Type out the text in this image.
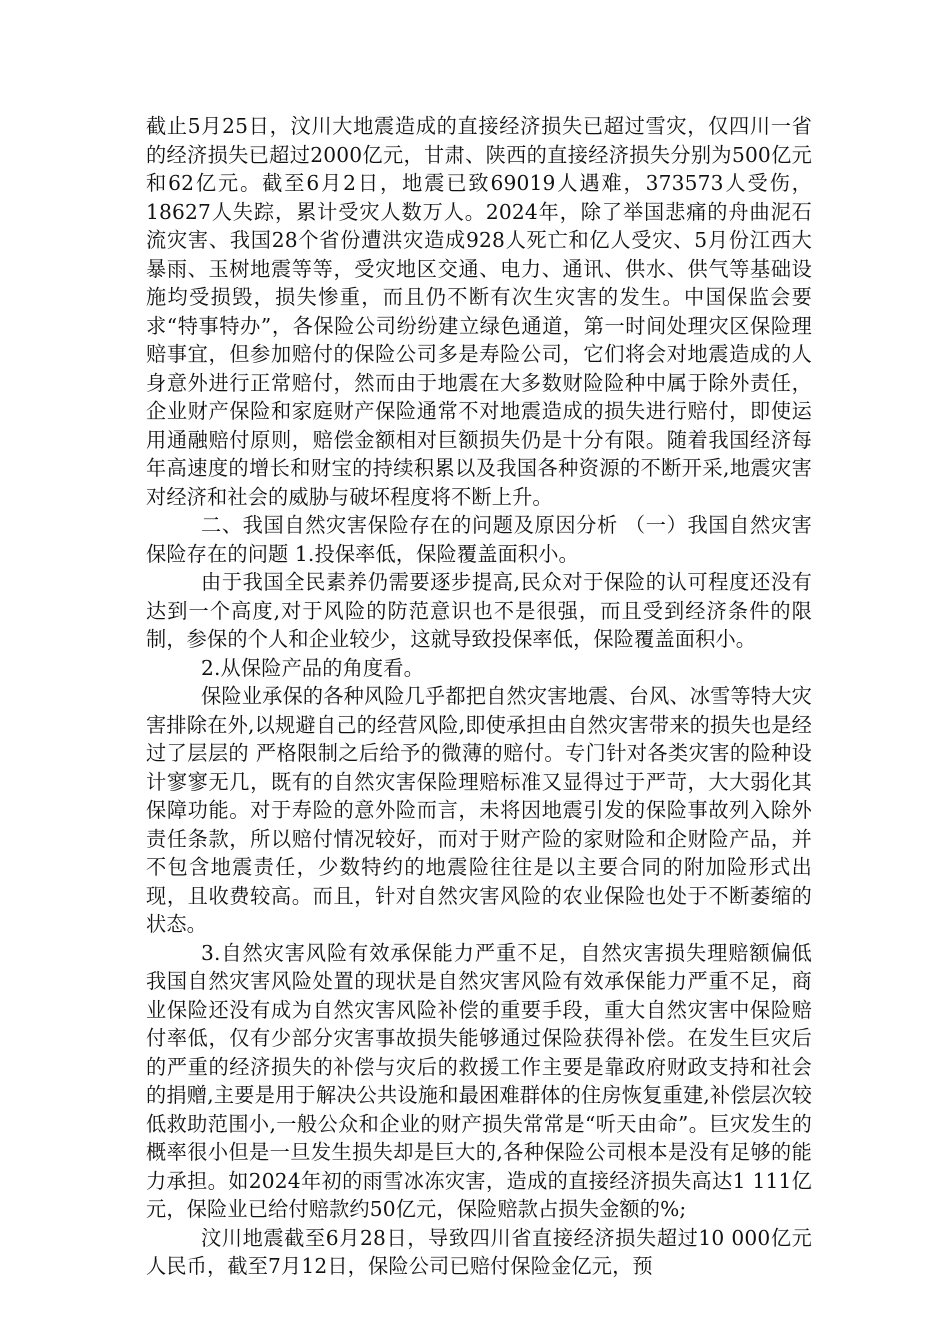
截止5月25日，汶川大地震造成的直接经济损失已超过雪灾，仅四川一省的经济损失已超过2000亿元，甘肃、陕西的直接经济损失分别为500亿元和62亿元。截至6月2日，地震已致69019人遇难，373573人受伤，18627人失踪，累计受灾人数万人。2024年，除了举国悲痛的舟曲泥石流灾害、我国28个省份遭洪灾造成928人死亡和亿人受灾、5月份江西大暴雨、玉树地震等等，受灾地区交通、电力、通讯、供水、供气等基础设施均受损毁，损失惨重，而且仍不断有次生灾害的发生。中国保监会要求“特事特办”，各保险公司纷纷建立绿色通道，第一时间处理灾区保险理赔事宜，但参加赔付的保险公司多是寿险公司，它们将会对地震造成的人身意外进行正常赔付，然而由于地震在大多数财险险种中属于除外责任，企业财产保险和家庭财产保险通常不对地震造成的损失进行赔付，即使运用通融赔付原则，赔偿金额相对巨额损失仍是十分有限。随着我国经济每年高速度的增长和财宝的持续积累以及我国各种资源的不断开采,地震灾害对经济和社会的威胁与破坏程度将不断上升。

二、我国自然灾害保险存在的问题及原因分析 （一）我国自然灾害保险存在的问题 1.投保率低，保险覆盖面积小。

由于我国全民素养仍需要逐步提高,民众对于保险的认可程度还没有达到一个高度,对于风险的防范意识也不是很强，而且受到经济条件的限制，参保的个人和企业较少，这就导致投保率低，保险覆盖面积小。

2.从保险产品的角度看。

保险业承保的各种风险几乎都把自然灾害地震、台风、冰雪等特大灾害排除在外,以规避自己的经营风险,即使承担由自然灾害带来的损失也是经过了层层的 严格限制之后给予的微薄的赔付。专门针对各类灾害的险种设计寥寥无几，既有的自然灾害保险理赔标准又显得过于严苛，大大弱化其保障功能。对于寿险的意外险而言，未将因地震引发的保险事故列入除外责任条款，所以赔付情况较好，而对于财产险的家财险和企财险产品，并不包含地震责任，少数特约的地震险往往是以主要合同的附加险形式出现，且收费较高。而且，针对自然灾害风险的农业保险也处于不断萎缩的状态。

3.自然灾害风险有效承保能力严重不足，自然灾害损失理赔额偏低 我国自然灾害风险处置的现状是自然灾害风险有效承保能力严重不足，商业保险还没有成为自然灾害风险补偿的重要手段，重大自然灾害中保险赔付率低，仅有少部分灾害事故损失能够通过保险获得补偿。在发生巨灾后的严重的经济损失的补偿与灾后的救援工作主要是靠政府财政支持和社会的捐赠,主要是用于解决公共设施和最困难群体的住房恢复重建,补偿层次较低救助范围小,一般公众和企业的财产损失常常是“听天由命”。巨灾发生的概率很小但是一旦发生损失却是巨大的,各种保险公司根本是没有足够的能力承担。如2024年初的雨雪冰冻灾害，造成的直接经济损失高达1 111亿元，保险业已给付赔款约50亿元，保险赔款占损失金额的%;

汶川地震截至6月28日，导致四川省直接经济损失超过10 000亿元人民币，截至7月12日，保险公司已赔付保险金亿元，预
